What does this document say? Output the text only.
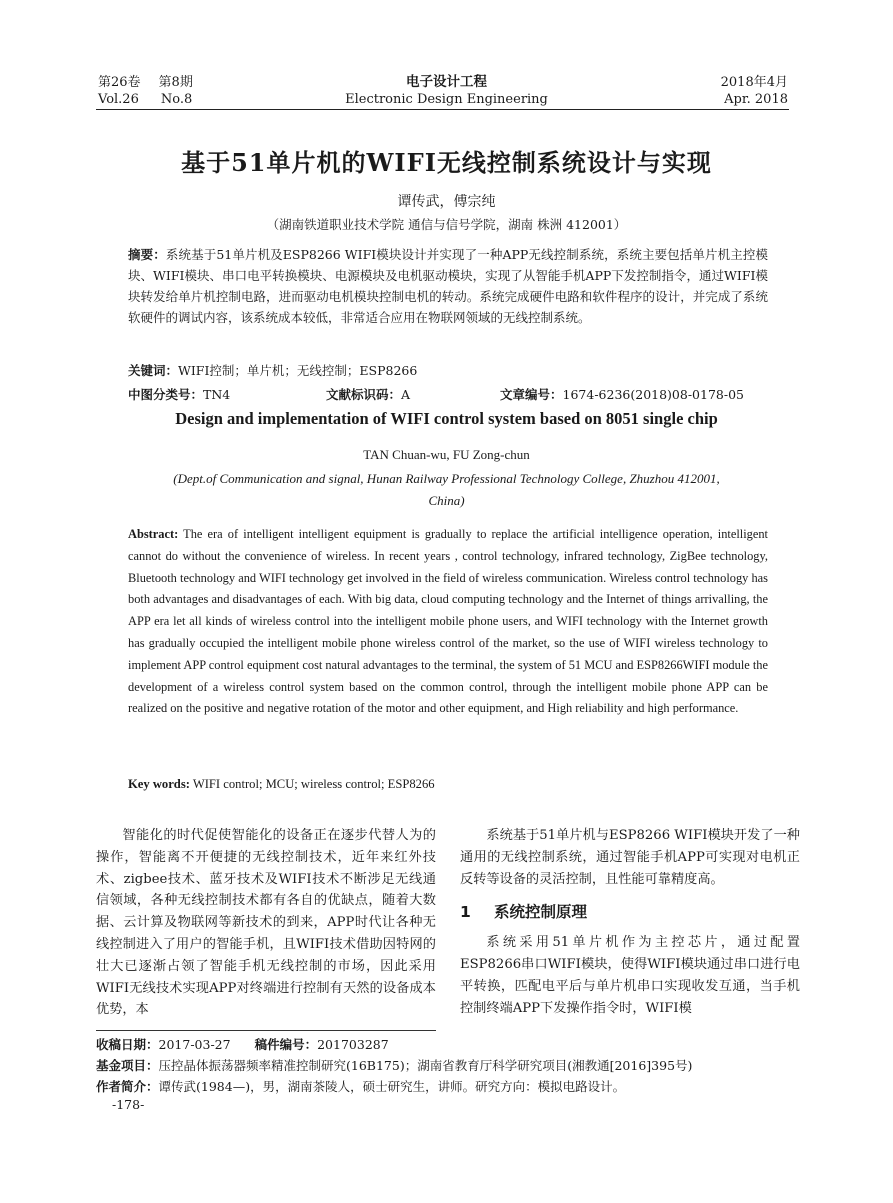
第26卷 第8期
Vol.26 No.8
电子设计工程
Electronic Design Engineering
2018年4月
Apr. 2018
基于51单片机的WIFI无线控制系统设计与实现
谭传武，傅宗纯
（湖南铁道职业技术学院 通信与信号学院，湖南 株洲 412001）
摘要：系统基于51单片机及ESP8266 WIFI模块设计并实现了一种APP无线控制系统，系统主要包括单片机主控模块、WIFI模块、串口电平转换模块、电源模块及电机驱动模块，实现了从智能手机APP下发控制指令，通过WIFI模块转发给单片机控制电路，进而驱动电机模块控制电机的转动。系统完成硬件电路和软件程序的设计，并完成了系统软硬件的调试内容，该系统成本较低，非常适合应用在物联网领域的无线控制系统。
关键词：WIFI控制；单片机；无线控制；ESP8266
中图分类号：TN4	文献标识码：A	文章编号：1674-6236(2018)08-0178-05
Design and implementation of WIFI control system based on 8051 single chip
TAN Chuan-wu, FU Zong-chun
(Dept.of Communication and signal, Hunan Railway Professional Technology College, Zhuzhou 412001,
China)
Abstract: The era of intelligent intelligent equipment is gradually to replace the artificial intelligence operation, intelligent cannot do without the convenience of wireless. In recent years , control technology, infrared technology, ZigBee technology, Bluetooth technology and WIFI technology get involved in the field of wireless communication. Wireless control technology has both advantages and disadvantages of each. With big data, cloud computing technology and the Internet of things arrivalling, the APP era let all kinds of wireless control into the intelligent mobile phone users, and WIFI technology with the Internet growth has gradually occupied the intelligent mobile phone wireless control of the market, so the use of WIFI wireless technology to implement APP control equipment cost natural advantages to the terminal, the system of 51 MCU and ESP8266WIFI module the development of a wireless control system based on the common control, through the intelligent mobile phone APP can be realized on the positive and negative rotation of the motor and other equipment, and High reliability and high performance.
Key words: WIFI control; MCU; wireless control; ESP8266
智能化的时代促使智能化的设备正在逐步代替人为的操作，智能离不开便捷的无线控制技术，近年来红外技术、zigbee技术、蓝牙技术及WIFI技术不断涉足无线通信领域，各种无线控制技术都有各自的优缺点，随着大数据、云计算及物联网等新技术的到来，APP时代让各种无线控制进入了用户的智能手机，且WIFI技术借助因特网的壮大已逐渐占领了智能手机无线控制的市场，因此采用WIFI无线技术实现APP对终端进行控制有天然的设备成本优势，本
系统基于51单片机与ESP8266 WIFI模块开发了一种通用的无线控制系统，通过智能手机APP可实现对电机正反转等设备的灵活控制，且性能可靠精度高。
1 系统控制原理
系统采用51单片机作为主控芯片，通过配置ESP8266串口WIFI模块，使得WIFI模块通过串口进行电平转换，匹配电平后与单片机串口实现收发互通，当手机控制终端APP下发操作指令时，WIFI模
收稿日期：2017-03-27 稿件编号：201703287
基金项目：压控晶体振荡器频率精准控制研究(16B175)；湖南省教育厅科学研究项目(湘教通[2016]395号)
作者简介：谭传武(1984—)，男，湖南茶陵人，硕士研究生，讲师。研究方向：模拟电路设计。
-178-
